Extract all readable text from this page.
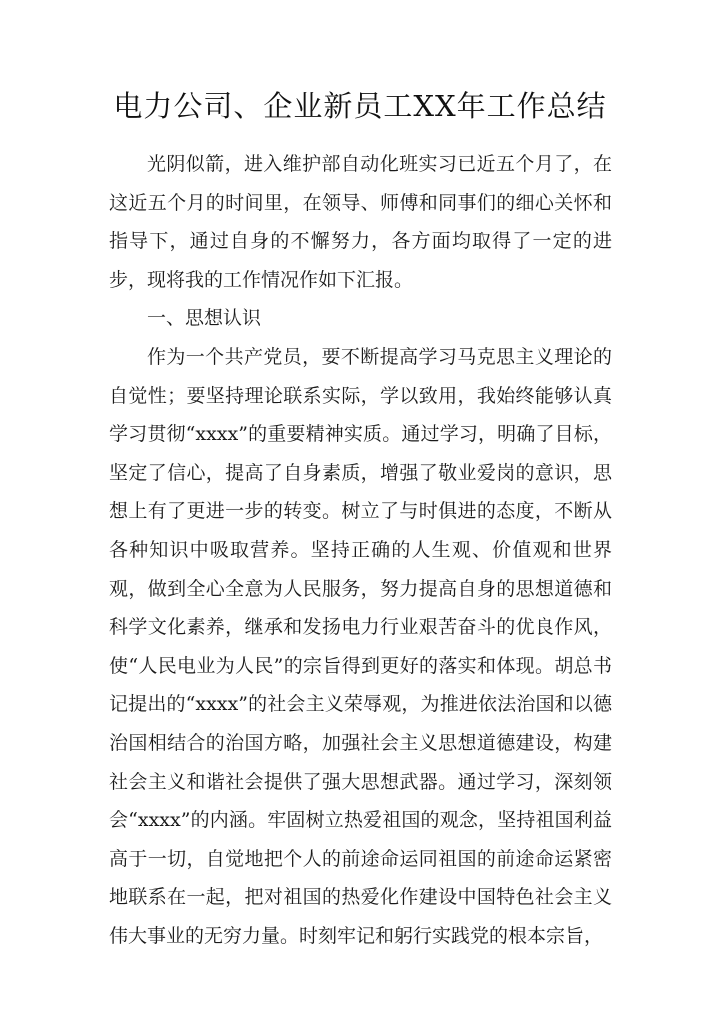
电力公司、企业新员工XX年工作总结

光阴似箭，进入维护部自动化班实习已近五个月了，在这近五个月的时间里，在领导、师傅和同事们的细心关怀和指导下，通过自身的不懈努力，各方面均取得了一定的进步，现将我的工作情况作如下汇报。

一、思想认识

作为一个共产党员，要不断提高学习马克思主义理论的自觉性；要坚持理论联系实际，学以致用，我始终能够认真学习贯彻“xxxx”的重要精神实质。通过学习，明确了目标，坚定了信心，提高了自身素质，增强了敬业爱岗的意识，思想上有了更进一步的转变。树立了与时俱进的态度，不断从各种知识中吸取营养。坚持正确的人生观、价值观和世界观，做到全心全意为人民服务，努力提高自身的思想道德和科学文化素养，继承和发扬电力行业艰苦奋斗的优良作风，使“人民电业为人民”的宗旨得到更好的落实和体现。胡总书记提出的“xxxx”的社会主义荣辱观，为推进依法治国和以德治国相结合的治国方略，加强社会主义思想道德建设，构建社会主义和谐社会提供了强大思想武器。通过学习，深刻领会“xxxx”的内涵。牢固树立热爱祖国的观念，坚持祖国利益高于一切，自觉地把个人的前途命运同祖国的前途命运紧密地联系在一起，把对祖国的热爱化作建设中国特色社会主义伟大事业的无穷力量。时刻牢记和躬行实践党的根本宗旨，
